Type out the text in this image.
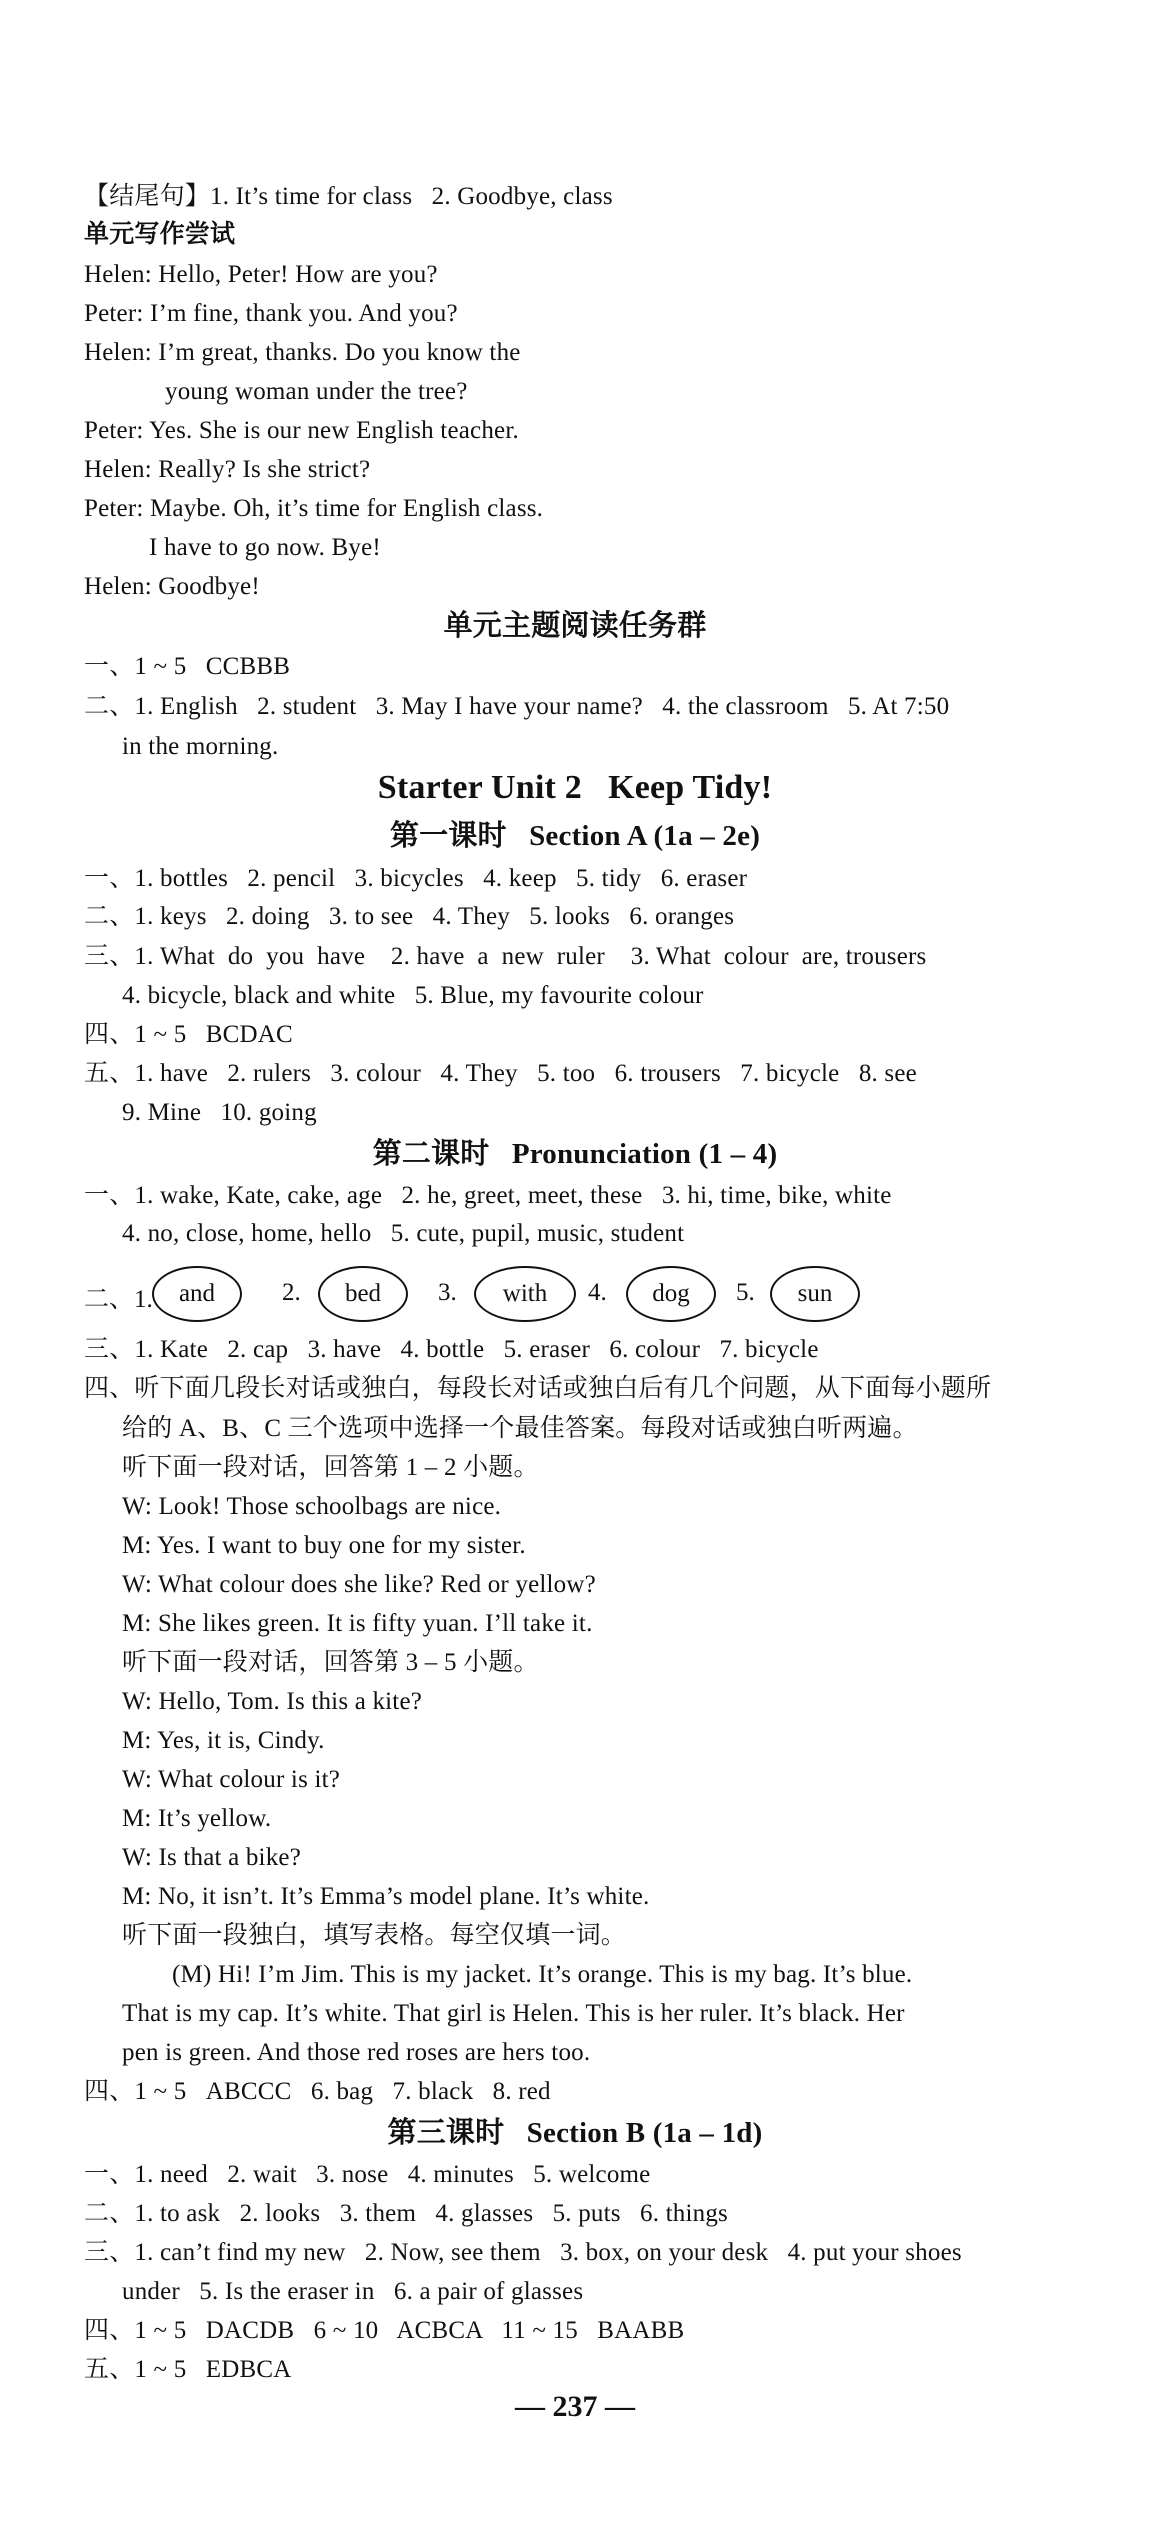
【结尾句】1. It’s time for class   2. Goodbye, class
单元写作尝试
Helen: Hello, Peter! How are you?
Peter: I’m fine, thank you. And you?
Helen: I’m great, thanks. Do you know the
young woman under the tree?
Peter: Yes. She is our new English teacher.
Helen: Really? Is she strict?
Peter: Maybe. Oh, it’s time for English class.
I have to go now. Bye!
Helen: Goodbye!
单元主题阅读任务群
一、1 ~ 5   CCBBB
二、1. English   2. student   3. May I have your name?   4. the classroom   5. At 7:50
in the morning.
Starter Unit 2   Keep Tidy!
第一课时   Section A (1a – 2e)
一、1. bottles   2. pencil   3. bicycles   4. keep   5. tidy   6. eraser
二、1. keys   2. doing   3. to see   4. They   5. looks   6. oranges
三、1. What  do  you  have    2. have  a  new  ruler    3. What  colour  are, trousers
4. bicycle, black and white   5. Blue, my favourite colour
四、1 ~ 5   BCDAC
五、1. have   2. rulers   3. colour   4. They   5. too   6. trousers   7. bicycle   8. see
9. Mine   10. going
第二课时   Pronunciation (1 – 4)
一、1. wake, Kate, cake, age   2. he, greet, meet, these   3. hi, time, bike, white
4. no, close, home, hello   5. cute, pupil, music, student
二、1.	and	2.	bed	3.	with	4.	dog	5.	sun
三、1. Kate   2. cap   3. have   4. bottle   5. eraser   6. colour   7. bicycle
四、听下面几段长对话或独白，每段长对话或独白后有几个问题，从下面每小题所
给的 A、B、C 三个选项中选择一个最佳答案。每段对话或独白听两遍。
听下面一段对话，回答第 1 – 2 小题。
W: Look! Those schoolbags are nice.
M: Yes. I want to buy one for my sister.
W: What colour does she like? Red or yellow?
M: She likes green. It is fifty yuan. I’ll take it.
听下面一段对话，回答第 3 – 5 小题。
W: Hello, Tom. Is this a kite?
M: Yes, it is, Cindy.
W: What colour is it?
M: It’s yellow.
W: Is that a bike?
M: No, it isn’t. It’s Emma’s model plane. It’s white.
听下面一段独白，填写表格。每空仅填一词。
(M) Hi! I’m Jim. This is my jacket. It’s orange. This is my bag. It’s blue.
That is my cap. It’s white. That girl is Helen. This is her ruler. It’s black. Her
pen is green. And those red roses are hers too.
四、1 ~ 5   ABCCC   6. bag   7. black   8. red
第三课时   Section B (1a – 1d)
一、1. need   2. wait   3. nose   4. minutes   5. welcome
二、1. to ask   2. looks   3. them   4. glasses   5. puts   6. things
三、1. can’t find my new   2. Now, see them   3. box, on your desk   4. put your shoes
under   5. Is the eraser in   6. a pair of glasses
四、1 ~ 5   DACDB   6 ~ 10   ACBCA   11 ~ 15   BAABB
五、1 ~ 5   EDBCA
— 237 —
